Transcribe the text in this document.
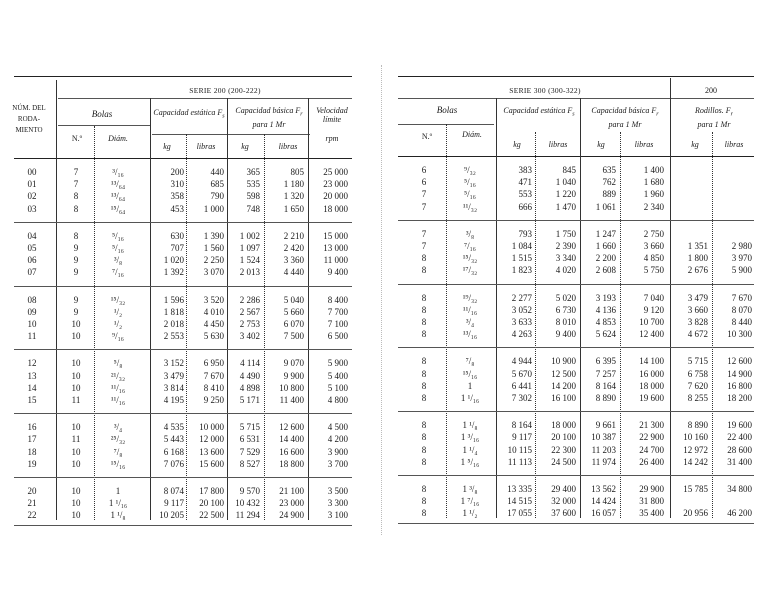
SERIE 200 (200-222)
NÚM. DEL RODA-MIENTO
Bolas	Capacidad estática $F_s$
Capacidad básica $F_r$
para 1 Mr
Velocidad límite
N.º	Diám.
kg	libras	kg	libras
rpm
00	7	³/₁₆	200	440	365	805	25 000
01	7	¹³/₆₄	310	685	535	1 180	23 000
02	8	¹³/₆₄	358	790	598	1 320	20 000
03	8	¹⁵/₆₄	453	1 000	748	1 650	18 000
04	8	⁵/₁₆	630	1 390	1 002	2 210	15 000
05	9	⁵/₁₆	707	1 560	1 097	2 420	13 000
06	9	³/₈	1 020	2 250	1 524	3 360	11 000
07	9	⁷/₁₆	1 392	3 070	2 013	4 440	9 400
08	9	¹⁵/₃₂	1 596	3 520	2 286	5 040	8 400
09	9	¹/₂	1 818	4 010	2 567	5 660	7 700
10	10	¹/₂	2 018	4 450	2 753	6 070	7 100
11	10	⁹/₁₆	2 553	5 630	3 402	7 500	6 500
12	10	⁵/₈	3 152	6 950	4 114	9 070	5 900
13	10	²¹/₃₂	3 479	7 670	4 490	9 900	5 400
14	10	¹¹/₁₆	3 814	8 410	4 898	10 800	5 100
15	11	¹¹/₁₆	4 195	9 250	5 171	11 400	4 800
16	10	³/₄	4 535	10 000	5 715	12 600	4 500
17	11	²⁵/₃₂	5 443	12 000	6 531	14 400	4 200
18	10	⁷/₈	6 168	13 600	7 529	16 600	3 900
19	10	¹⁵/₁₆	7 076	15 600	8 527	18 800	3 700
20	10	1	8 074	17 800	9 570	21 100	3 500
21	10	1 ¹/₁₆	9 117	20 100	10 432	23 000	3 300
22	10	1 ¹/₈	10 205	22 500	11 294	24 900	3 100
SERIE 300 (300-322)	200
Bolas	Capacidad estática $F_s$	Capacidad básica $F_r$
para 1 Mr
Rodillos. $F_r$
para 1 Mr
N.º	Diám.
kg	libras	kg	libras	kg	libras
6	⁹/₃₂	383	845	635	1 400
6	⁵/₁₆	471	1 040	762	1 680
7	⁵/₁₆	553	1 220	889	1 960
7	¹¹/₃₂	666	1 470	1 061	2 340
7	³/₈	793	1 750	1 247	2 750
7	⁷/₁₆	1 084	2 390	1 660	3 660	1 351	2 980
8	¹⁵/₃₂	1 515	3 340	2 200	4 850	1 800	3 970
8	¹⁷/₃₂	1 823	4 020	2 608	5 750	2 676	5 900
8	¹⁹/₃₂	2 277	5 020	3 193	7 040	3 479	7 670
8	¹¹/₁₆	3 052	6 730	4 136	9 120	3 660	8 070
8	³/₄	3 633	8 010	4 853	10 700	3 828	8 440
8	¹³/₁₆	4 263	9 400	5 624	12 400	4 672	10 300
8	⁷/₈	4 944	10 900	6 395	14 100	5 715	12 600
8	¹⁵/₁₆	5 670	12 500	7 257	16 000	6 758	14 900
8	1	6 441	14 200	8 164	18 000	7 620	16 800
8	1 ¹/₁₆	7 302	16 100	8 890	19 600	8 255	18 200
8	1 ¹/₈	8 164	18 000	9 661	21 300	8 890	19 600
8	1 ³/₁₆	9 117	20 100	10 387	22 900	10 160	22 400
8	1 ¹/₄	10 115	22 300	11 203	24 700	12 972	28 600
8	1 ⁵/₁₆	11 113	24 500	11 974	26 400	14 242	31 400
8	1 ³/₈	13 335	29 400	13 562	29 900	15 785	34 800
8	1 ⁷/₁₆	14 515	32 000	14 424	31 800
8	1 ¹/₂	17 055	37 600	16 057	35 400	20 956	46 200
